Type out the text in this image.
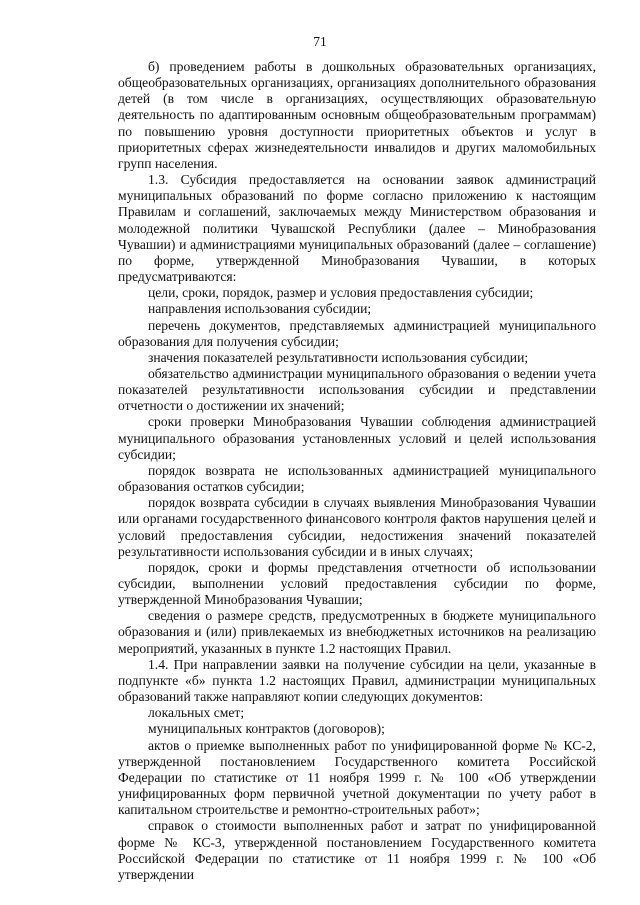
71

б) проведением работы в дошкольных образовательных организациях, общеобразовательных организациях, организациях дополнительного образования детей (в том числе в организациях, осуществляющих образовательную деятельность по адаптированным основным общеобразовательным программам) по повышению уровня доступности приоритетных объектов и услуг в приоритетных сферах жизнедеятельности инвалидов и других маломобильных групп населения.

1.3. Субсидия предоставляется на основании заявок администраций муниципальных образований по форме согласно приложению к настоящим Правилам и соглашений, заключаемых между Министерством образования и молодежной политики Чувашской Республики (далее – Минобразования Чувашии) и администрациями муниципальных образований (далее – соглашение) по форме, утвержденной Минобразования Чувашии, в которых предусматриваются:

цели, сроки, порядок, размер и условия предоставления субсидии;

направления использования субсидии;

перечень документов, представляемых администрацией муниципального образования для получения субсидии;

значения показателей результативности использования субсидии;

обязательство администрации муниципального образования о ведении учета показателей результативности использования субсидии и представлении отчетности о достижении их значений;

сроки проверки Минобразования Чувашии соблюдения администрацией муниципального образования установленных условий и целей использования субсидии;

порядок возврата не использованных администрацией муниципального образования остатков субсидии;

порядок возврата субсидии в случаях выявления Минобразования Чувашии или органами государственного финансового контроля фактов нарушения целей и условий предоставления субсидии, недостижения значений показателей результативности использования субсидии и в иных случаях;

порядок, сроки и формы представления отчетности об использовании субсидии, выполнении условий предоставления субсидии по форме, утвержденной Минобразования Чувашии;

сведения о размере средств, предусмотренных в бюджете муниципального образования и (или) привлекаемых из внебюджетных источников на реализацию мероприятий, указанных в пункте 1.2 настоящих Правил.

1.4. При направлении заявки на получение субсидии на цели, указанные в подпункте «б» пункта 1.2 настоящих Правил, администрации муниципальных образований также направляют копии следующих документов:

локальных смет;

муниципальных контрактов (договоров);

актов о приемке выполненных работ по унифицированной форме № КС-2, утвержденной постановлением Государственного комитета Российской Федерации по статистике от 11 ноября 1999 г. № 100 «Об утверждении унифицированных форм первичной учетной документации по учету работ в капитальном строительстве и ремонтно-строительных работ»;

справок о стоимости выполненных работ и затрат по унифицированной форме № КС-3, утвержденной постановлением Государственного комитета Российской Федерации по статистике от 11 ноября 1999 г. № 100 «Об утверждении
